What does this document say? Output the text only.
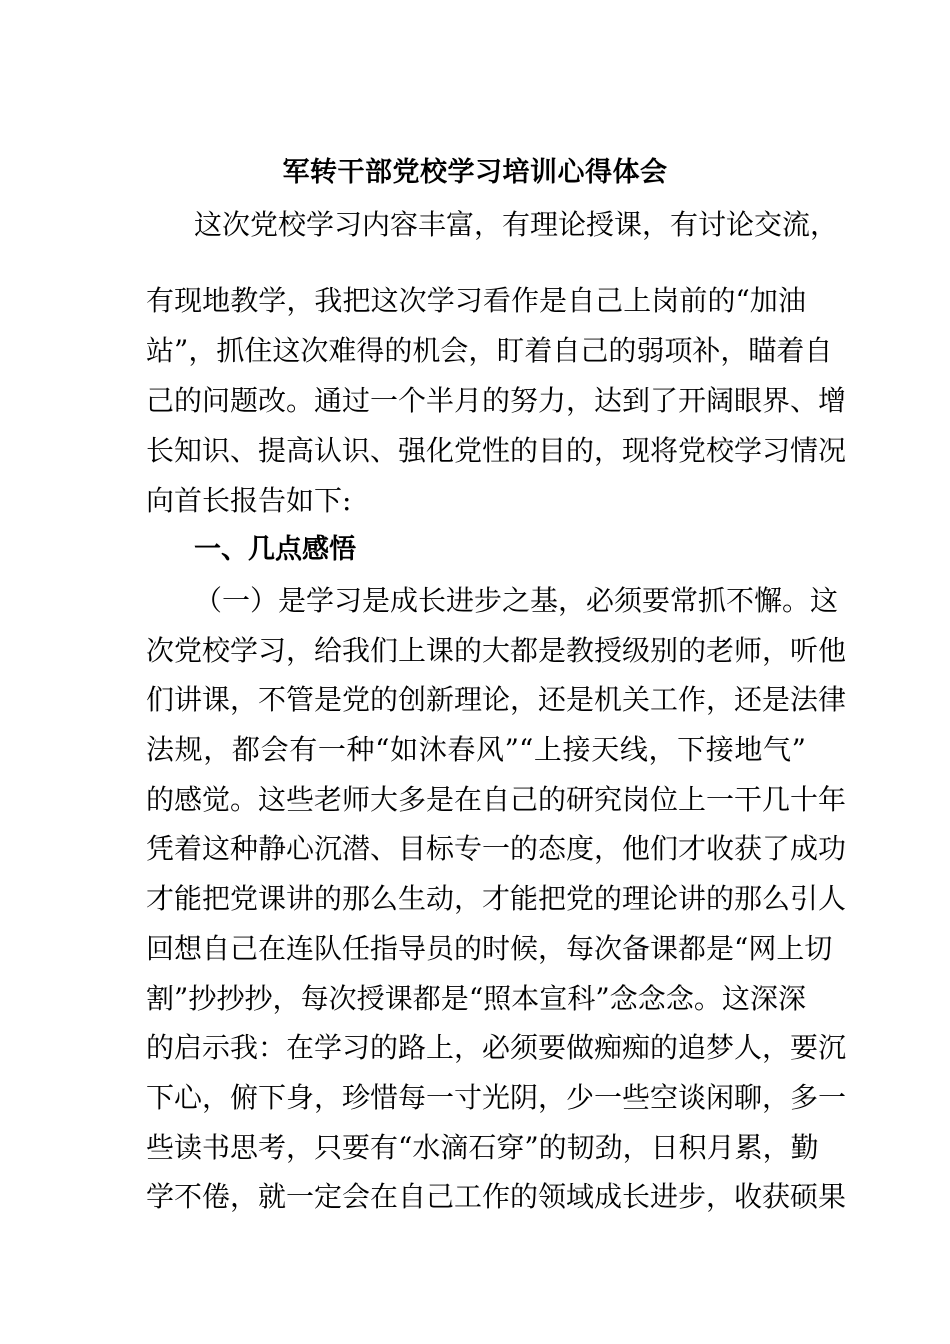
军转干部党校学习培训心得体会
这次党校学习内容丰富，有理论授课，有讨论交流，
有现地教学，我把这次学习看作是自己上岗前的“加油
站”，抓住这次难得的机会，盯着自己的弱项补，瞄着自
己的问题改。通过一个半月的努力，达到了开阔眼界、增
长知识、提高认识、强化党性的目的，现将党校学习情况
向首长报告如下:
一、几点感悟
（一）是学习是成长进步之基，必须要常抓不懈。这
次党校学习，给我们上课的大都是教授级别的老师，听他
们讲课，不管是党的创新理论，还是机关工作，还是法律
法规，都会有一种“如沐春风”“上接天线，下接地气”
的感觉。这些老师大多是在自己的研究岗位上一干几十年
凭着这种静心沉潜、目标专一的态度，他们才收获了成功
才能把党课讲的那么生动，才能把党的理论讲的那么引人
回想自己在连队任指导员的时候，每次备课都是“网上切
割”抄抄抄，每次授课都是“照本宣科”念念念。这深深
的启示我：在学习的路上，必须要做痴痴的追梦人，要沉
下心，俯下身，珍惜每一寸光阴，少一些空谈闲聊，多一
些读书思考，只要有“水滴石穿”的韧劲，日积月累，勤
学不倦，就一定会在自己工作的领域成长进步，收获硕果
